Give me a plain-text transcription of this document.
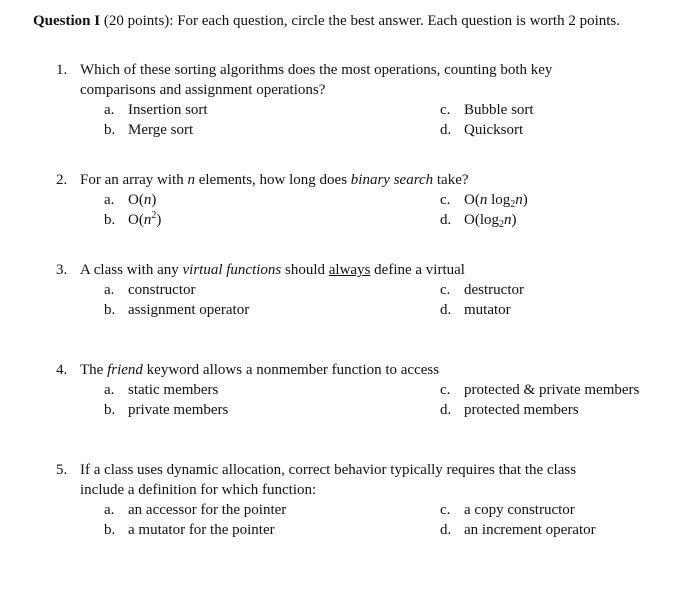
Question I (20 points): For each question, circle the best answer. Each question is worth 2 points.
1. Which of these sorting algorithms does the most operations, counting both key comparisons and assignment operations?
a. Insertion sort
b. Merge sort
c. Bubble sort
d. Quicksort
2. For an array with n elements, how long does binary search take?
a. O(n)
b. $O(n^2)$
c. O(n $\log_2n$)
d. $O(\log_2n)$
3. A class with any virtual functions should always define a virtual
a. constructor
b. assignment operator
c. destructor
d. mutator
4. The friend keyword allows a nonmember function to access
a. static members
b. private members
c. protected & private members
d. protected members
5. If a class uses dynamic allocation, correct behavior typically requires that the class include a definition for which function:
a. an accessor for the pointer
b. a mutator for the pointer
c. a copy constructor
d. an increment operator
